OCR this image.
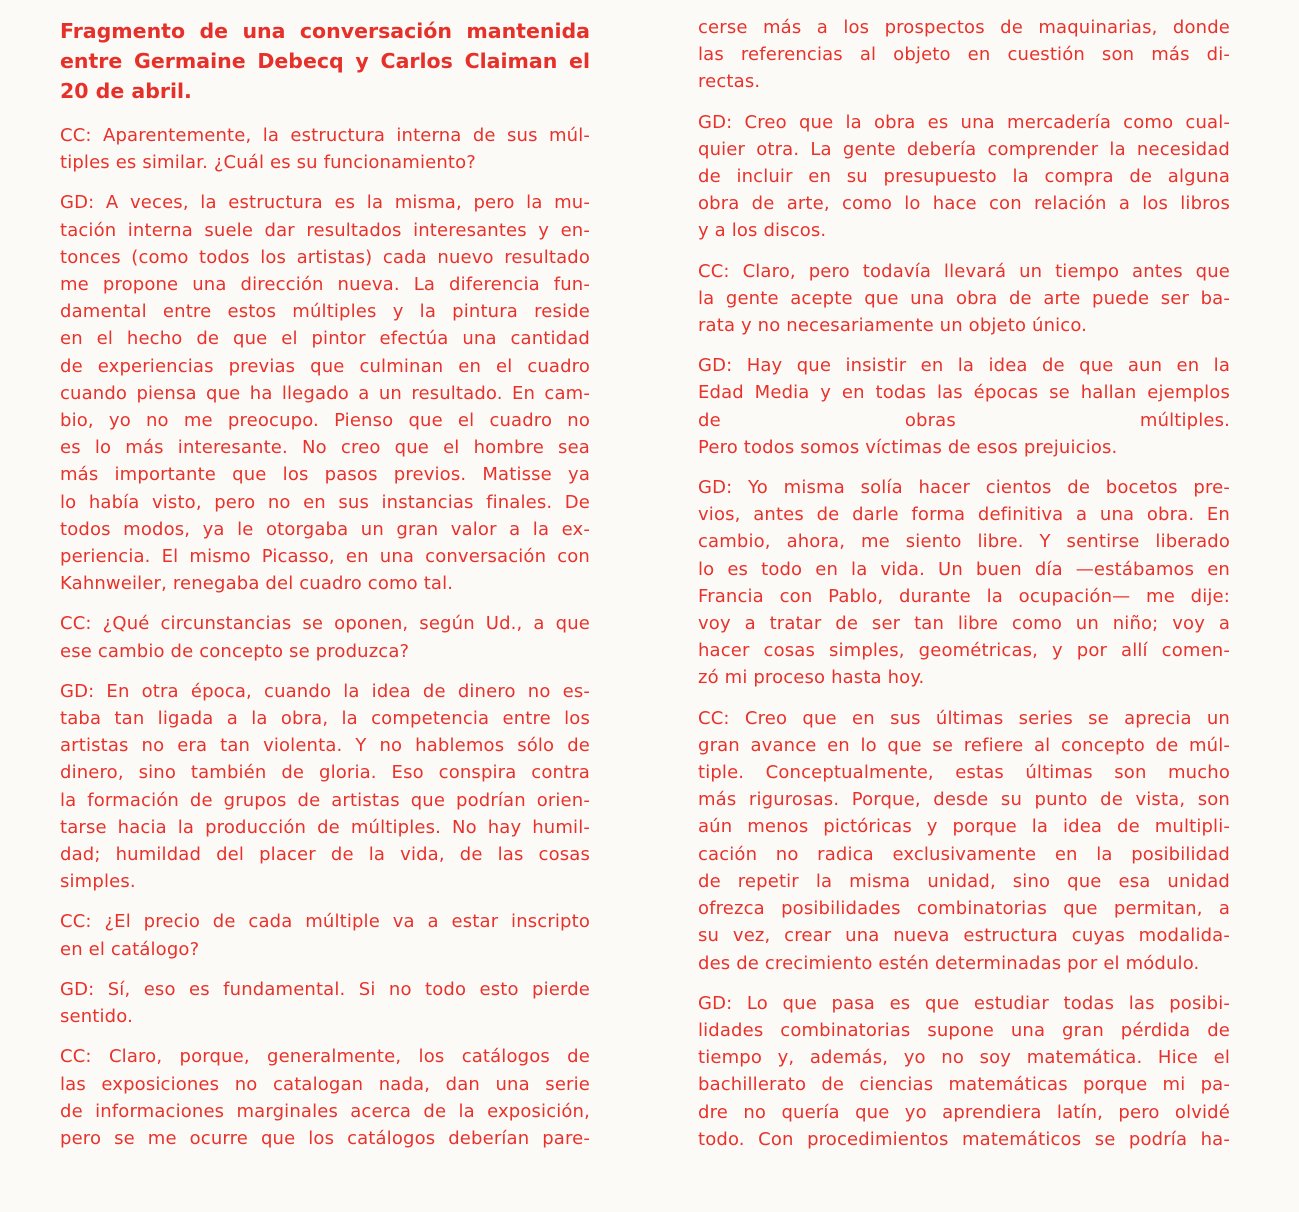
Fragmento de una conversación mantenida entre Germaine Debecq y Carlos Claiman el 20 de abril.
CC: Aparentemente, la estructura interna de sus múl-
tiples es similar. ¿Cuál es su funcionamiento?
GD: A veces, la estructura es la misma, pero la mu-
tación interna suele dar resultados interesantes y en-
tonces (como todos los artistas) cada nuevo resultado
me propone una dirección nueva. La diferencia fun-
damental entre estos múltiples y la pintura reside
en el hecho de que el pintor efectúa una cantidad
de experiencias previas que culminan en el cuadro
cuando piensa que ha llegado a un resultado. En cam-
bio, yo no me preocupo. Pienso que el cuadro no
es lo más interesante. No creo que el hombre sea
más importante que los pasos previos. Matisse ya
lo había visto, pero no en sus instancias finales. De
todos modos, ya le otorgaba un gran valor a la ex-
periencia. El mismo Picasso, en una conversación con
Kahnweiler, renegaba del cuadro como tal.
CC: ¿Qué circunstancias se oponen, según Ud., a que
ese cambio de concepto se produzca?
GD: En otra época, cuando la idea de dinero no es-
taba tan ligada a la obra, la competencia entre los
artistas no era tan violenta. Y no hablemos sólo de
dinero, sino también de gloria. Eso conspira contra
la formación de grupos de artistas que podrían orien-
tarse hacia la producción de múltiples. No hay humil-
dad; humildad del placer de la vida, de las cosas
simples.
CC: ¿El precio de cada múltiple va a estar inscripto
en el catálogo?
GD: Sí, eso es fundamental. Si no todo esto pierde
sentido.
CC: Claro, porque, generalmente, los catálogos de
las exposiciones no catalogan nada, dan una serie
de informaciones marginales acerca de la exposición,
pero se me ocurre que los catálogos deberían pare-
cerse más a los prospectos de maquinarias, donde
las referencias al objeto en cuestión son más di-
rectas.
GD: Creo que la obra es una mercadería como cual-
quier otra. La gente debería comprender la necesidad
de incluir en su presupuesto la compra de alguna
obra de arte, como lo hace con relación a los libros
y a los discos.
CC: Claro, pero todavía llevará un tiempo antes que
la gente acepte que una obra de arte puede ser ba-
rata y no necesariamente un objeto único.
GD: Hay que insistir en la idea de que aun en la
Edad Media y en todas las épocas se hallan ejemplos
de obras múltiples.
Pero todos somos víctimas de esos prejuicios.
GD: Yo misma solía hacer cientos de bocetos pre-
vios, antes de darle forma definitiva a una obra. En
cambio, ahora, me siento libre. Y sentirse liberado
lo es todo en la vida. Un buen día —estábamos en
Francia con Pablo, durante la ocupación— me dije:
voy a tratar de ser tan libre como un niño; voy a
hacer cosas simples, geométricas, y por allí comen-
zó mi proceso hasta hoy.
CC: Creo que en sus últimas series se aprecia un
gran avance en lo que se refiere al concepto de múl-
tiple. Conceptualmente, estas últimas son mucho
más rigurosas. Porque, desde su punto de vista, son
aún menos pictóricas y porque la idea de multipli-
cación no radica exclusivamente en la posibilidad
de repetir la misma unidad, sino que esa unidad
ofrezca posibilidades combinatorias que permitan, a
su vez, crear una nueva estructura cuyas modalida-
des de crecimiento estén determinadas por el módulo.
GD: Lo que pasa es que estudiar todas las posibi-
lidades combinatorias supone una gran pérdida de
tiempo y, además, yo no soy matemática. Hice el
bachillerato de ciencias matemáticas porque mi pa-
dre no quería que yo aprendiera latín, pero olvidé
todo. Con procedimientos matemáticos se podría ha-
